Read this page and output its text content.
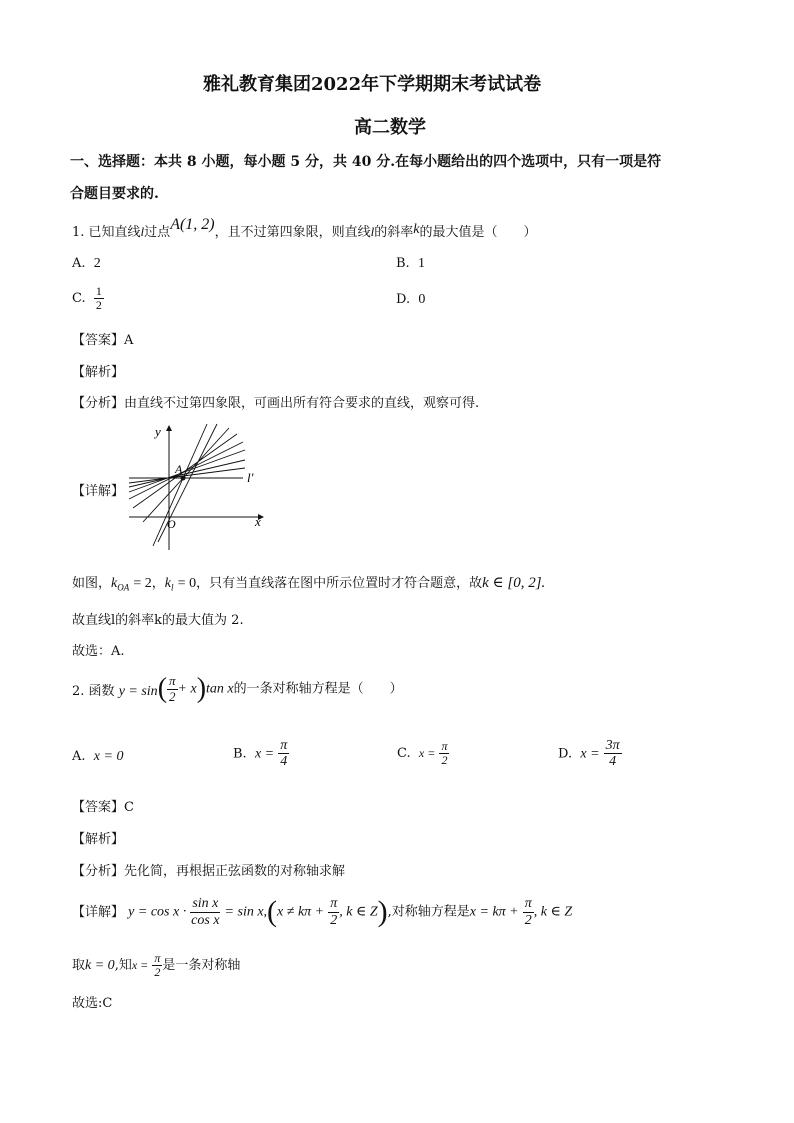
雅礼教育集团2022年下学期期末考试试卷
高二数学
一、选择题：本共 8 小题，每小题 5 分，共 40 分.在每小题给出的四个选项中，只有一项是符
合题目要求的.
1. 已知直线l过点A(1, 2)，且不过第四象限，则直线l的斜率k的最大值是（　　）
A. 2	B. 1
C. $\frac{1}{2}$	D. 0
【答案】A
【解析】
【分析】由直线不过第四象限，可画出所有符合要求的直线，观察可得.
【详解】
y
x
O
A
l′
如图，$k_{OA} = 2$，$k_l = 0$，只有当直线落在图中所示位置时才符合题意，故k ∈ [0, 2].
故直线l的斜率k的最大值为 2.
故选：A.
2. 函数 $y = \sin( \frac{\pi}{2} + x)\tan$ x的一条对称轴方程是（　　）
A. x = 0	B. $x = \frac{\pi}{4}$	C. $x = \frac{\pi}{2}$	D. $x = \frac{3\pi}{4}$
【答案】C
【解析】
【分析】先化简，再根据正弦函数的对称轴求解
【详解】 $y = \cos x \cdot \frac{\text{sin x}}{\text{cos x}} = \sin x,(x \ne k\pi + \frac{\pi}{2}$ , k ∈ Z),对称轴方程是$x = k\pi + \frac{\pi}{2}$ , k ∈ Z
取k = 0,知$x = \frac{\pi}{2}$ 是一条对称轴
故选:C
